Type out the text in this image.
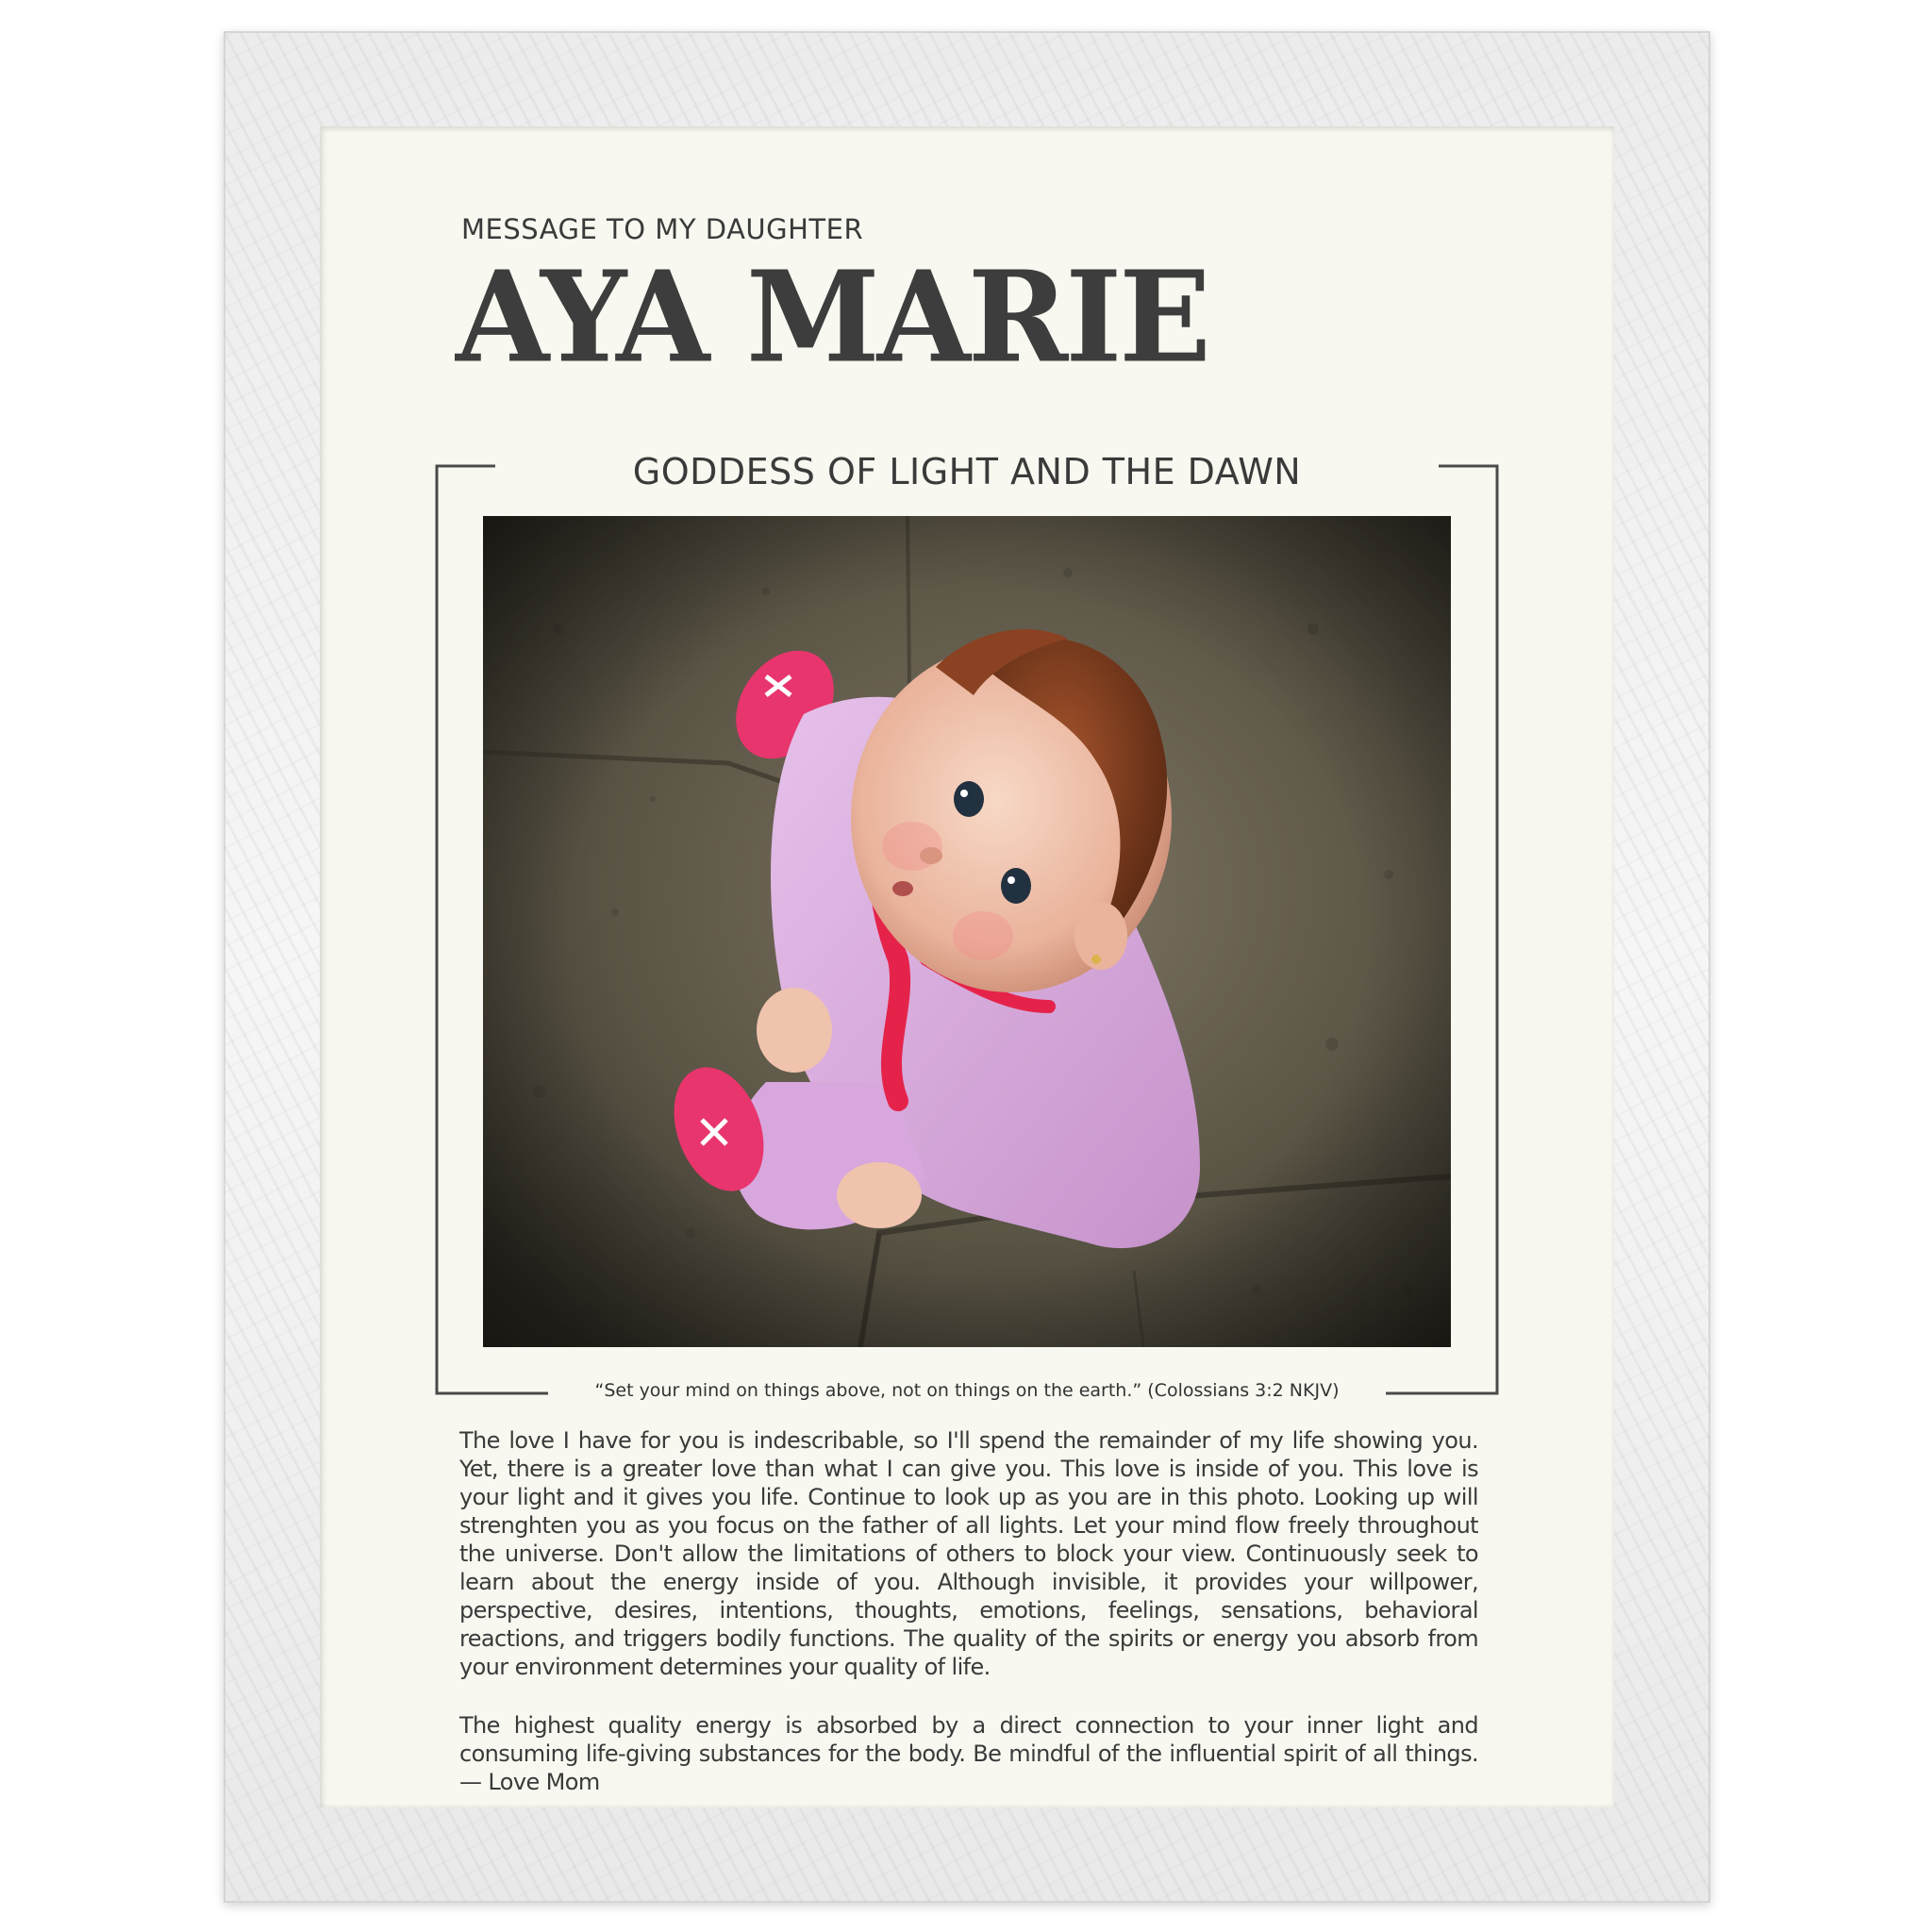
MESSAGE TO MY DAUGHTER
AYA MARIE
GODDESS OF LIGHT AND THE DAWN
“Set your mind on things above, not on things on the earth.” (Colossians 3:2 NKJV)

The love I have for you is indescribable, so I'll spend the remainder of my life showing you. Yet, there is a greater love than what I can give you. This love is inside of you. This love is your light and it gives you life. Continue to look up as you are in this photo. Looking up will strenghten you as you focus on the father of all lights. Let your mind flow freely throughout the universe. Don't allow the limitations of others to block your view. Continuously seek to learn about the energy inside of you. Although invisible, it provides your willpower, perspective, desires, intentions, thoughts, emotions, feelings, sensations, behavioral reactions, and triggers bodily functions. The quality of the spirits or energy you absorb from your environment determines your quality of life.

The highest quality energy is absorbed by a direct connection to your inner light and consuming life-giving substances for the body. Be mindful of the influential spirit of all things. — Love Mom
